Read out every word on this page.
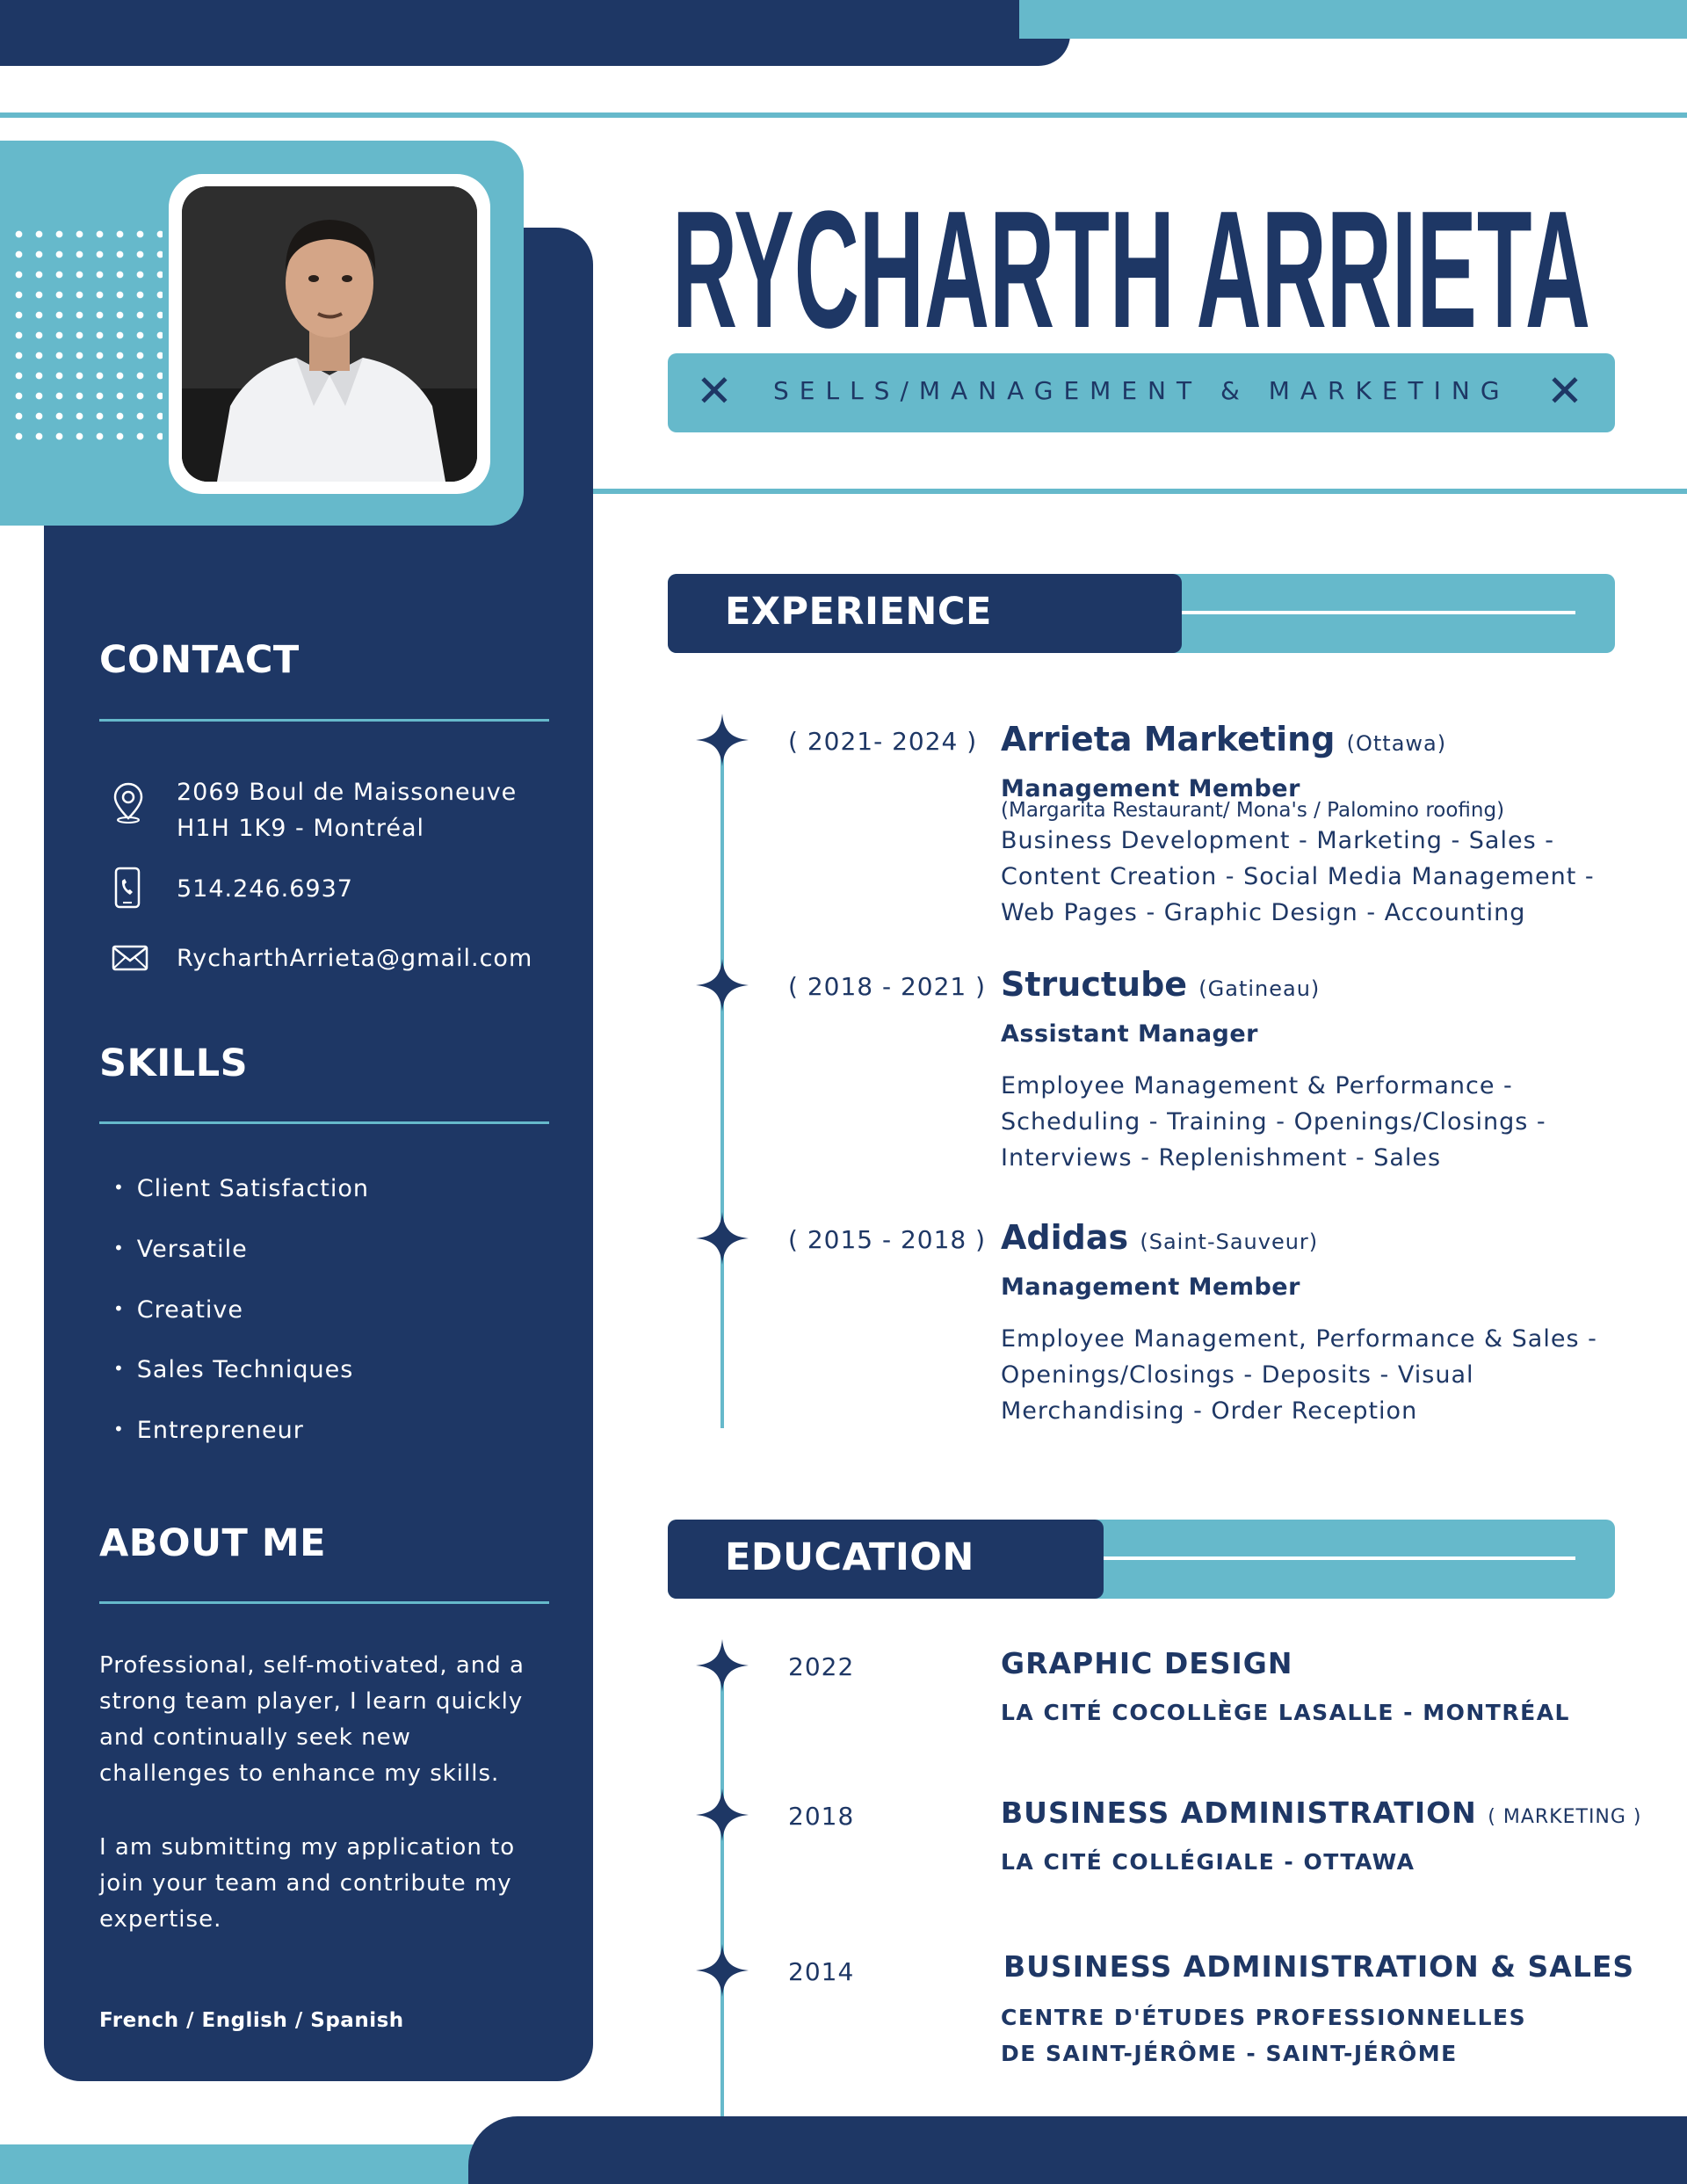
CONTACT
2069 Boul de Maissoneuve
H1H 1K9 - Montréal
514.246.6937
RycharthArrieta@gmail.com
SKILLS
• Client Satisfaction
• Versatile
• Creative
• Sales Techniques
• Entrepreneur
ABOUT ME
Professional, self-motivated, and a
strong team player, I learn quickly
and continually seek new
challenges to enhance my skills.
I am submitting my application to
join your team and contribute my
expertise.
French / English / Spanish
RYCHARTH ARRIETA
✕	✕
SELLS/MANAGEMENT & MARKETING
EXPERIENCE
( 2021- 2024 ) Arrieta Marketing (Ottawa)
Management Member
(Margarita Restaurant/ Mona's / Palomino roofing)
Business Development - Marketing - Sales -
Content Creation - Social Media Management -
Web Pages - Graphic Design - Accounting
( 2018 - 2021 ) Structube (Gatineau)
Assistant Manager
Employee Management & Performance -
Scheduling - Training - Openings/Closings -
Interviews - Replenishment - Sales
( 2015 - 2018 ) Adidas (Saint-Sauveur)
Management Member
Employee Management, Performance & Sales -
Openings/Closings - Deposits - Visual
Merchandising - Order Reception
EDUCATION
2022	GRAPHIC DESIGN
LA CITÉ COCOLLÈGE LASALLE - MONTRÉAL
2018	BUSINESS ADMINISTRATION ( MARKETING )
LA CITÉ COLLÉGIALE - OTTAWA
2014	BUSINESS ADMINISTRATION & SALES
CENTRE D'ÉTUDES PROFESSIONNELLES
DE SAINT-JÉRÔME - SAINT-JÉRÔME
